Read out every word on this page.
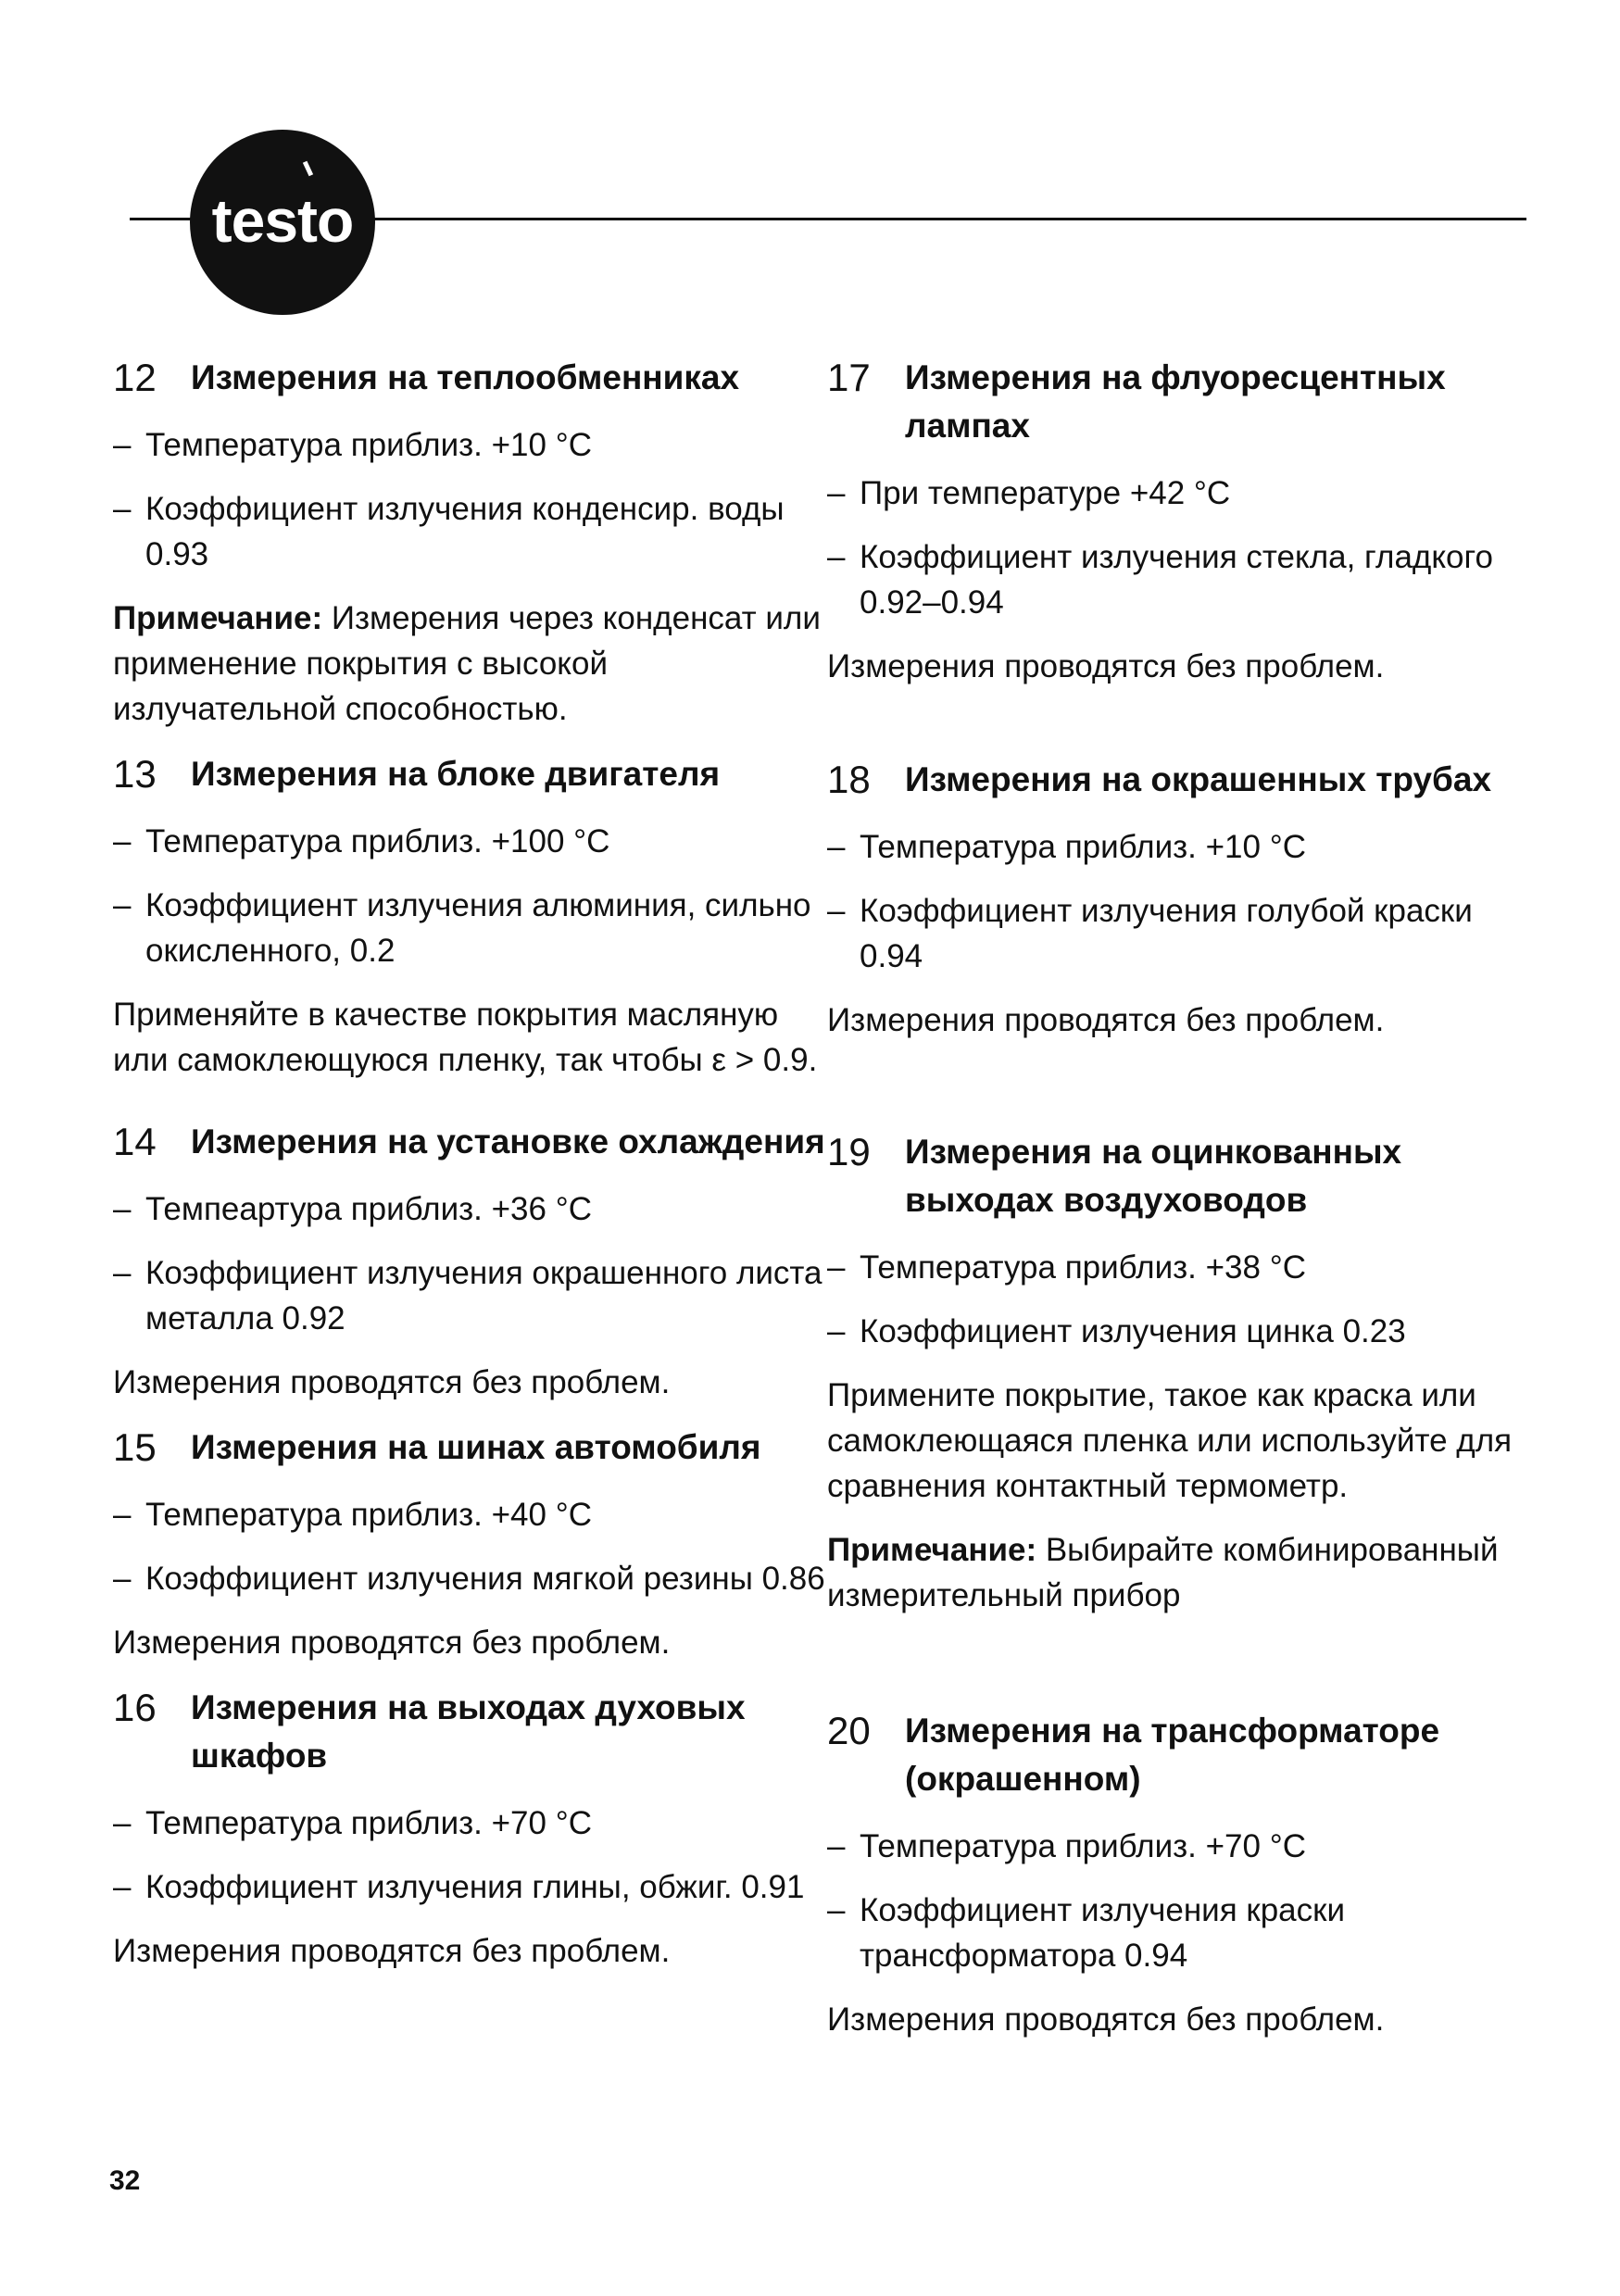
testo
12	Измерения на теплообменниках
– Температура приблиз. +10 °C
– Коэффициент излучения конденсир. воды 0.93
Примечание: Измерения через конденсат или применение покрытия с высокой излучательной способностью.
13	Измерения на блоке двигателя
– Температура приблиз. +100 °C
– Коэффициент излучения алюминия, сильно окисленного, 0.2
Применяйте в качестве покрытия масляную или самоклеющуюся пленку, так чтобы ε > 0.9.
14	Измерения на установке охлаждения
– Темпеартура приблиз. +36 °C
– Коэффициент излучения окрашенного листа металла 0.92
Измерения проводятся без проблем.
15	Измерения на шинах автомобиля
– Температура приблиз. +40 °C
– Коэффициент излучения мягкой резины 0.86
Измерения проводятся без проблем.
16	Измерения на выходах духовых шкафов
– Температура приблиз. +70 °C
– Коэффициент излучения глины, обжиг. 0.91
Измерения проводятся без проблем.
17	Измерения на флуоресцентных лампах
– При температуре +42 °C
– Коэффициент излучения стекла, гладкого 0.92–0.94
Измерения проводятся без проблем.
18	Измерения на окрашенных трубах
– Температура приблиз. +10 °C
– Коэффициент излучения голубой краски 0.94
Измерения проводятся без проблем.
19	Измерения на оцинкованных выходах воздуховодов
– Температура приблиз. +38 °C
– Коэффициент излучения цинка 0.23
Примените покрытие, такое как краска или самоклеющаяся пленка или используйте для сравнения контактный термометр.
Примечание: Выбирайте комбинированный измерительный прибор
20	Измерения на трансформаторе (окрашенном)
– Температура приблиз. +70 °C
– Коэффициент излучения краски трансформатора 0.94
Измерения проводятся без проблем.
32
